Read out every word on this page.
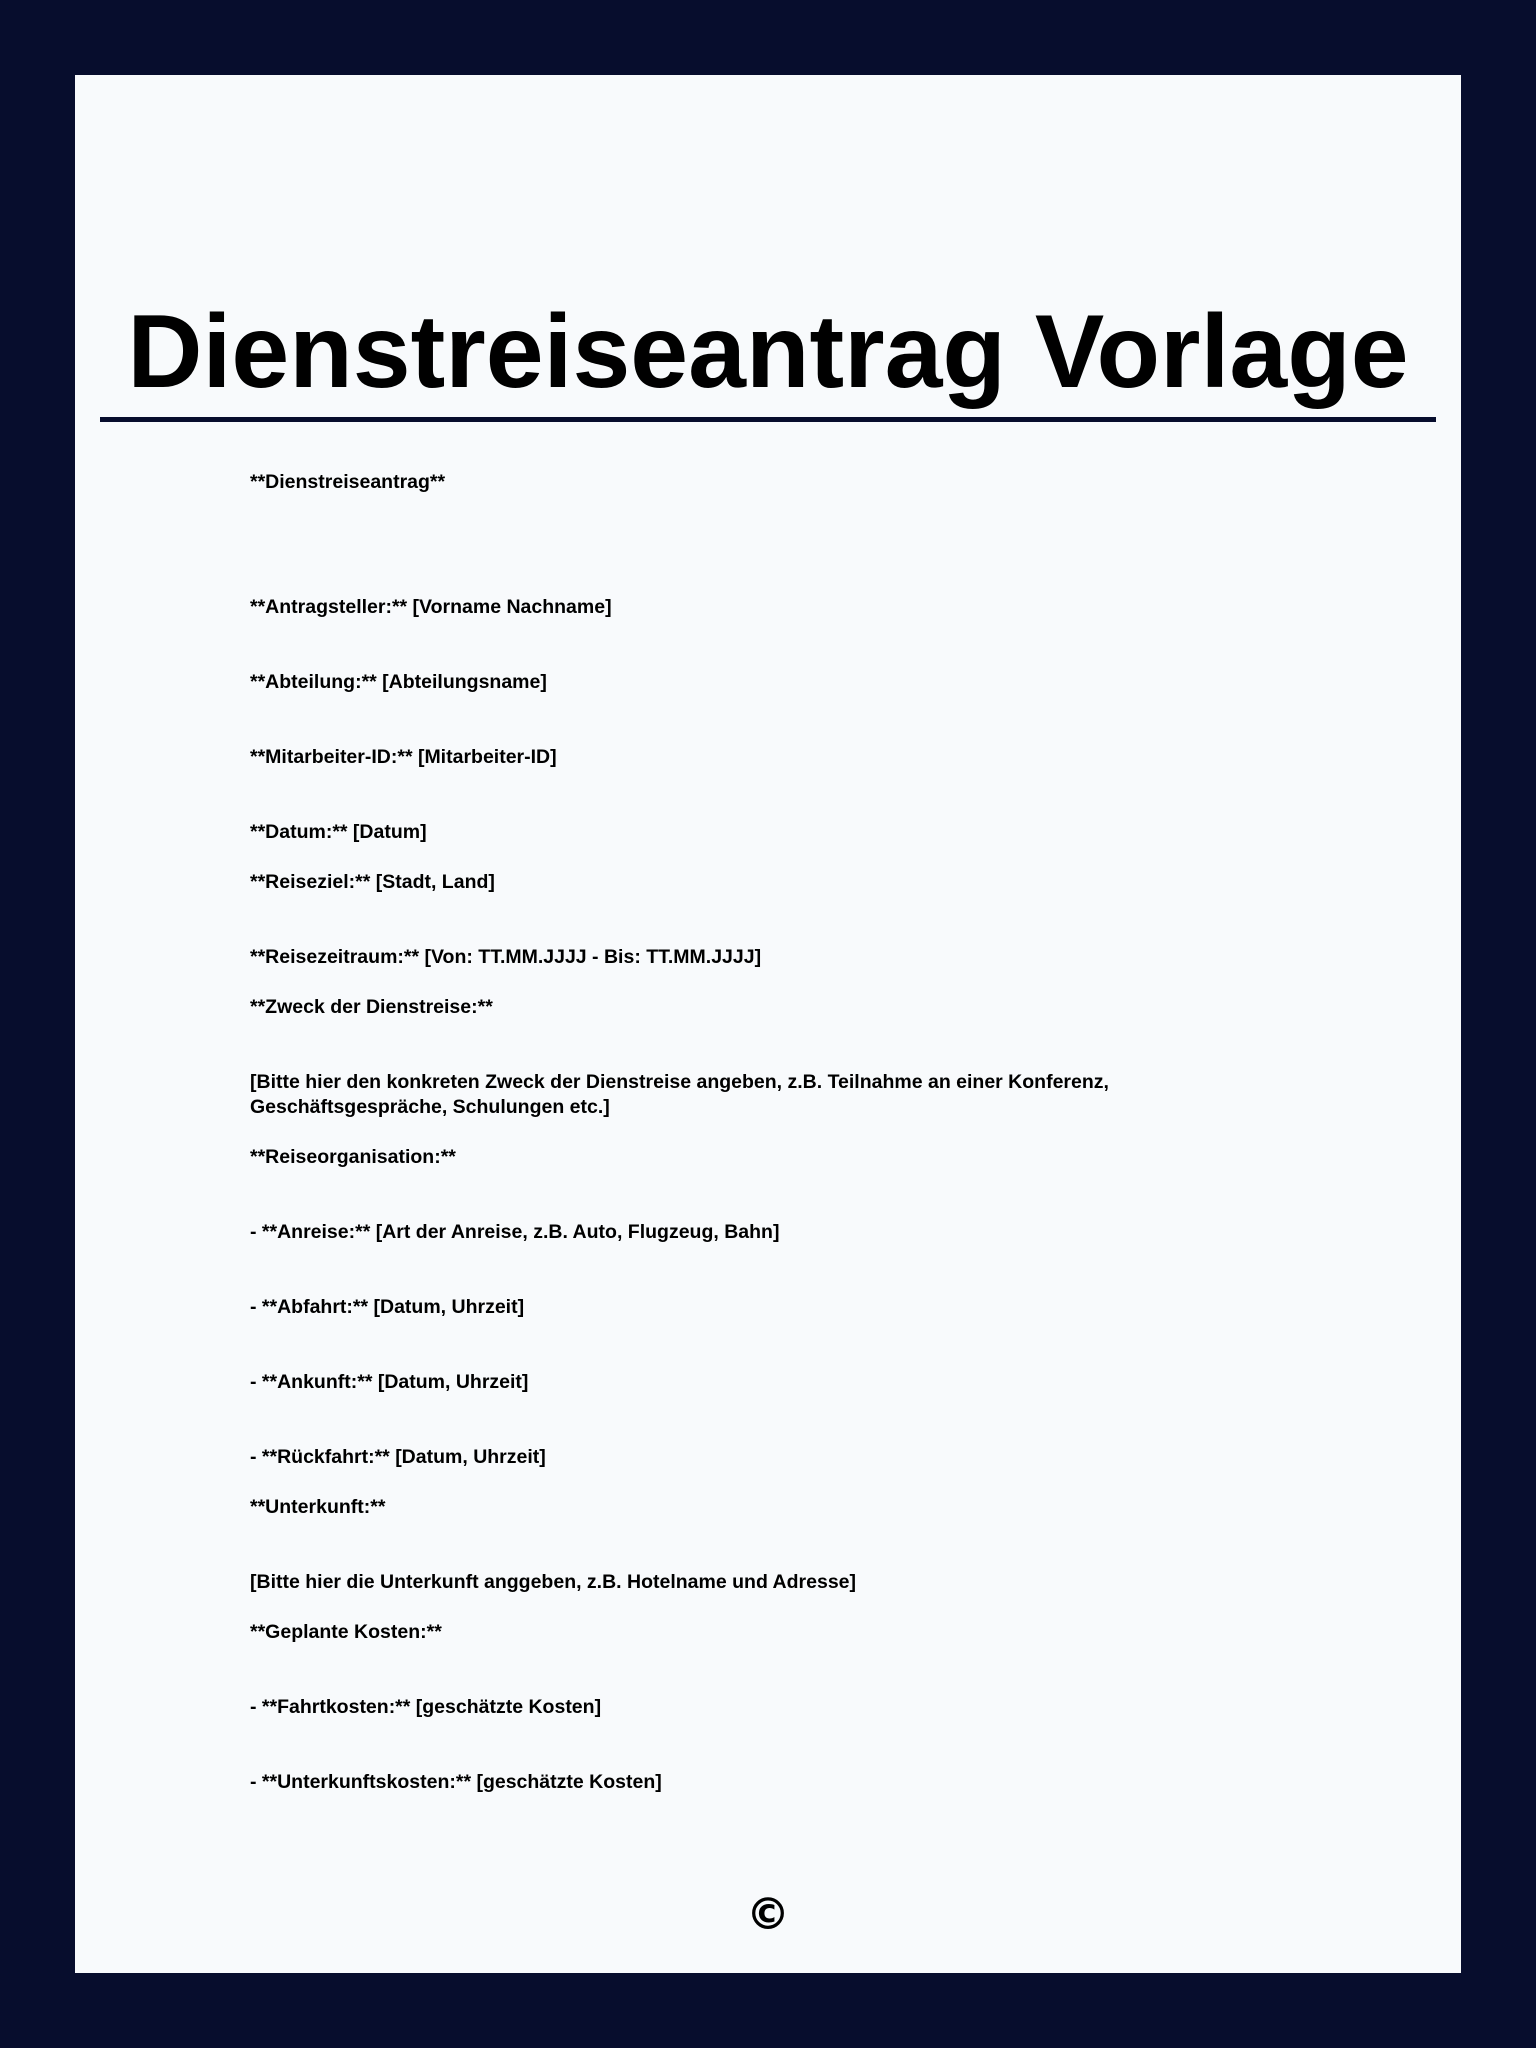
Dienstreiseantrag Vorlage
**Dienstreiseantrag**
**Antragsteller:** [Vorname Nachname]
**Abteilung:** [Abteilungsname]
**Mitarbeiter-ID:** [Mitarbeiter-ID]
**Datum:** [Datum]
**Reiseziel:** [Stadt, Land]
**Reisezeitraum:** [Von: TT.MM.JJJJ - Bis: TT.MM.JJJJ]
**Zweck der Dienstreise:**
[Bitte hier den konkreten Zweck der Dienstreise angeben, z.B. Teilnahme an einer Konferenz, Geschäftsgespräche, Schulungen etc.]
**Reiseorganisation:**
- **Anreise:** [Art der Anreise, z.B. Auto, Flugzeug, Bahn]
- **Abfahrt:** [Datum, Uhrzeit]
- **Ankunft:** [Datum, Uhrzeit]
- **Rückfahrt:** [Datum, Uhrzeit]
**Unterkunft:**
[Bitte hier die Unterkunft anggeben, z.B. Hotelname und Adresse]
**Geplante Kosten:**
- **Fahrtkosten:** [geschätzte Kosten]
- **Unterkunftskosten:** [geschätzte Kosten]
©
